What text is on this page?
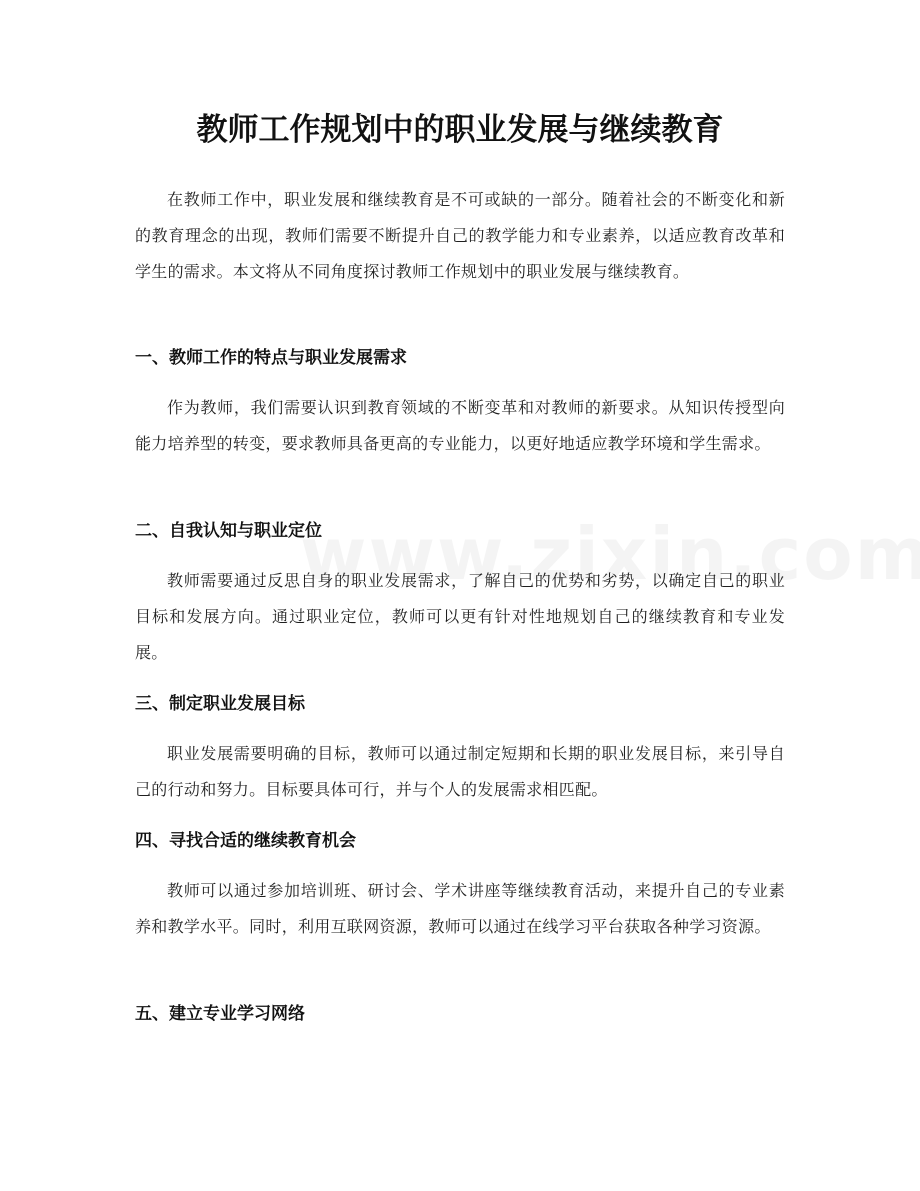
教师工作规划中的职业发展与继续教育

在教师工作中，职业发展和继续教育是不可或缺的一部分。随着社会的不断变化和新的教育理念的出现，教师们需要不断提升自己的教学能力和专业素养，以适应教育改革和学生的需求。本文将从不同角度探讨教师工作规划中的职业发展与继续教育。

一、教师工作的特点与职业发展需求

作为教师，我们需要认识到教育领域的不断变革和对教师的新要求。从知识传授型向能力培养型的转变，要求教师具备更高的专业能力，以更好地适应教学环境和学生需求。

二、自我认知与职业定位

教师需要通过反思自身的职业发展需求，了解自己的优势和劣势，以确定自己的职业目标和发展方向。通过职业定位，教师可以更有针对性地规划自己的继续教育和专业发展。

三、制定职业发展目标

职业发展需要明确的目标，教师可以通过制定短期和长期的职业发展目标，来引导自己的行动和努力。目标要具体可行，并与个人的发展需求相匹配。

四、寻找合适的继续教育机会

教师可以通过参加培训班、研讨会、学术讲座等继续教育活动，来提升自己的专业素养和教学水平。同时，利用互联网资源，教师可以通过在线学习平台获取各种学习资源。

五、建立专业学习网络
